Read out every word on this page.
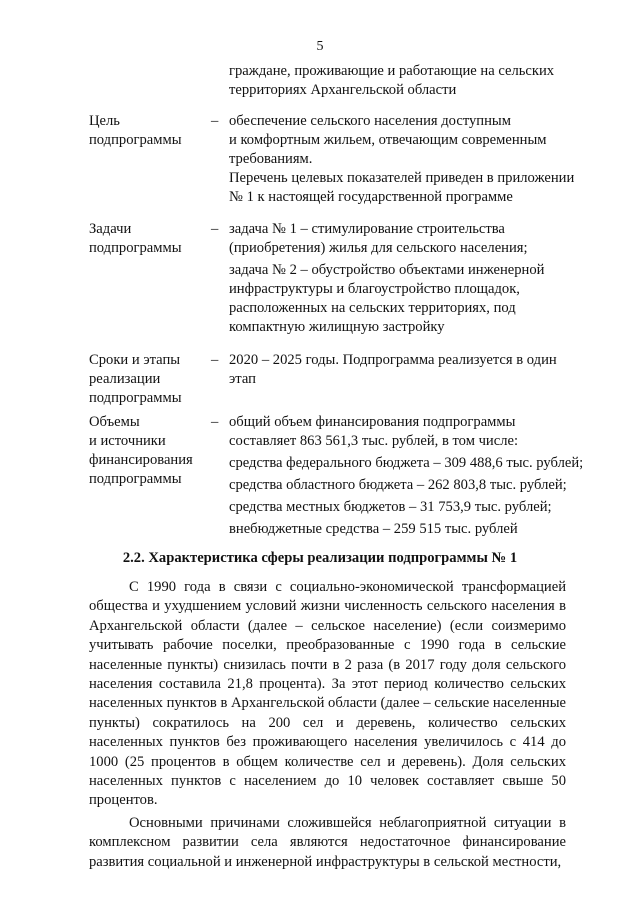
5
граждане, проживающие и работающие на сельских
территориях Архангельской области
Цель
подпрограммы
– обеспечение сельского населения доступным
и комфортным жильем, отвечающим современным
требованиям.
Перечень целевых показателей приведен в приложении
№ 1 к настоящей государственной программе
Задачи
подпрограммы
– задача № 1 – стимулирование строительства
(приобретения) жилья для сельского населения;
задача № 2 – обустройство объектами инженерной
инфраструктуры и благоустройство площадок,
расположенных на сельских территориях, под
компактную жилищную застройку
Сроки и этапы
реализации
подпрограммы
– 2020 – 2025 годы. Подпрограмма реализуется в один
этап
Объемы
и источники
финансирования
подпрограммы
– общий объем финансирования подпрограммы
составляет 863 561,3 тыс. рублей, в том числе:
средства федерального бюджета – 309 488,6 тыс. рублей;
средства областного бюджета – 262 803,8 тыс. рублей;
средства местных бюджетов – 31 753,9 тыс. рублей;
внебюджетные средства – 259 515 тыс. рублей
2.2. Характеристика сферы реализации подпрограммы № 1

С 1990 года в связи с социально-экономической трансформацией общества и ухудшением условий жизни численность сельского населения в Архангельской области (далее – сельское население) (если соизмеримо учитывать рабочие поселки, преобразованные с 1990 года в сельские населенные пункты) снизилась почти в 2 раза (в 2017 году доля сельского населения составила 21,8 процента). За этот период количество сельских населенных пунктов в Архангельской области (далее – сельские населенные пункты) сократилось на 200 сел и деревень, количество сельских населенных пунктов без проживающего населения увеличилось с 414 до 1000 (25 процентов в общем количестве сел и деревень). Доля сельских населенных пунктов с населением до 10 человек составляет свыше 50 процентов.

Основными причинами сложившейся неблагоприятной ситуации в комплексном развитии села являются недостаточное финансирование развития социальной и инженерной инфраструктуры в сельской местности,
